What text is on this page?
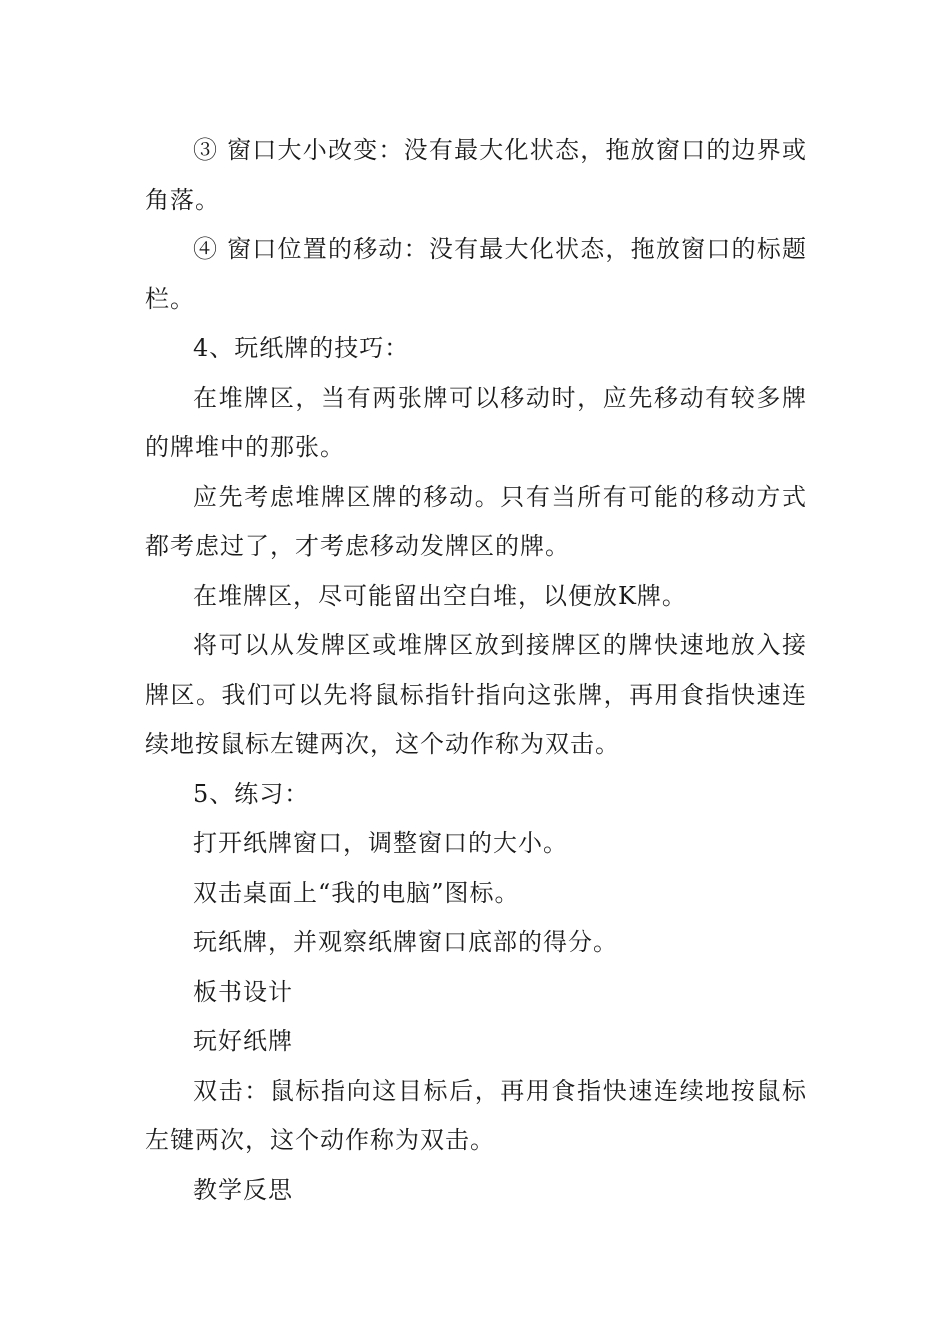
③ 窗口大小改变：没有最大化状态，拖放窗口的边界或角落。

④ 窗口位置的移动：没有最大化状态，拖放窗口的标题栏。

4、玩纸牌的技巧：

在堆牌区，当有两张牌可以移动时，应先移动有较多牌的牌堆中的那张。

应先考虑堆牌区牌的移动。只有当所有可能的移动方式都考虑过了，才考虑移动发牌区的牌。

在堆牌区，尽可能留出空白堆，以便放K牌。

将可以从发牌区或堆牌区放到接牌区的牌快速地放入接牌区。我们可以先将鼠标指针指向这张牌，再用食指快速连续地按鼠标左键两次，这个动作称为双击。

5、练习：

打开纸牌窗口，调整窗口的大小。

双击桌面上“我的电脑”图标。

玩纸牌，并观察纸牌窗口底部的得分。

板书设计

玩好纸牌

双击：鼠标指向这目标后，再用食指快速连续地按鼠标左键两次，这个动作称为双击。

教学反思
